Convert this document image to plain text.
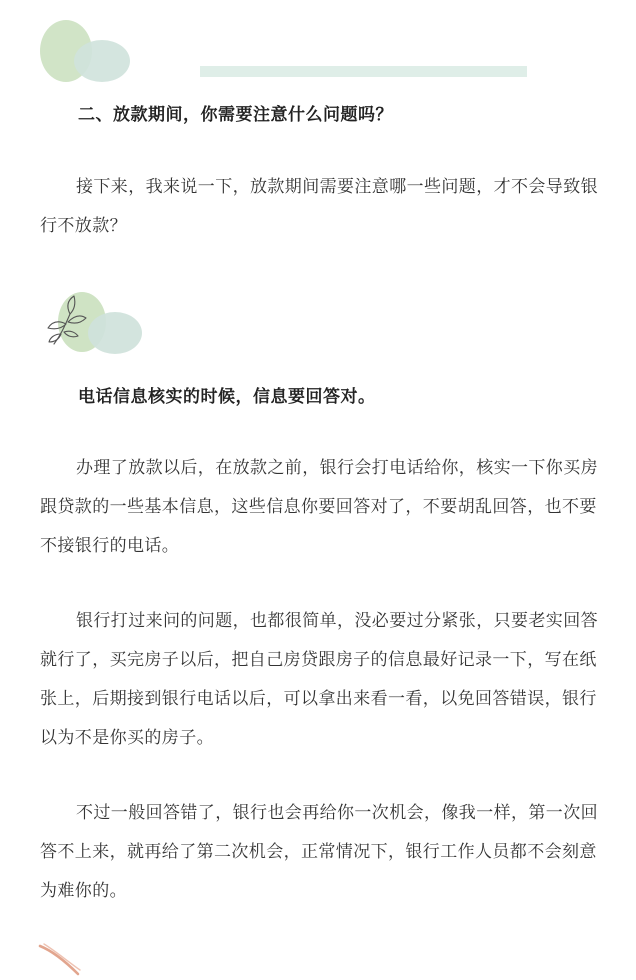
二、放款期间，你需要注意什么问题吗？

接下来，我来说一下，放款期间需要注意哪一些问题，才不会导致银行不放款？

电话信息核实的时候，信息要回答对。

办理了放款以后，在放款之前，银行会打电话给你，核实一下你买房跟贷款的一些基本信息，这些信息你要回答对了，不要胡乱回答，也不要不接银行的电话。

银行打过来问的问题，也都很简单，没必要过分紧张，只要老实回答就行了，买完房子以后，把自己房贷跟房子的信息最好记录一下，写在纸张上，后期接到银行电话以后，可以拿出来看一看，以免回答错误，银行以为不是你买的房子。

不过一般回答错了，银行也会再给你一次机会，像我一样，第一次回答不上来，就再给了第二次机会，正常情况下，银行工作人员都不会刻意为难你的。
